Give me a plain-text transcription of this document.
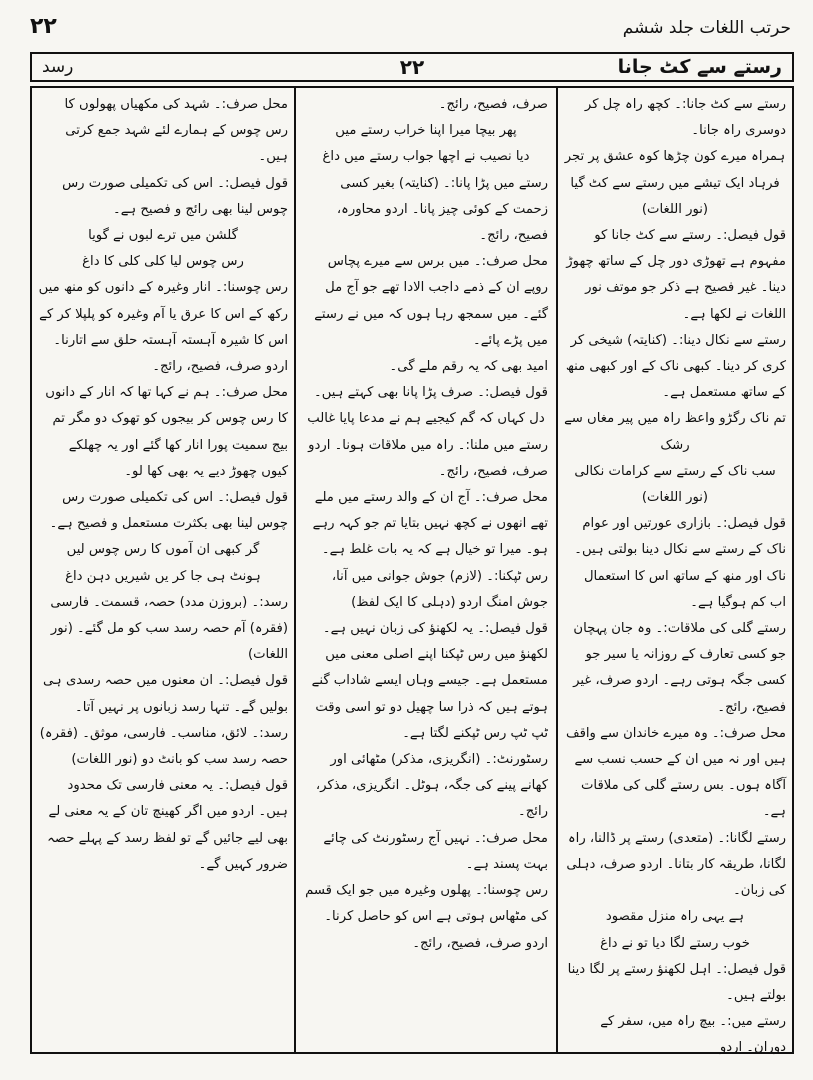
حرتب اللغات جلد ششم
٢٢
رسد	٢٢	رستے سے کٹ جانا

رستے سے کٹ جانا:۔ کچھ راہ چل کر دوسری راہ جانا۔

ہمراہ میرے کون چڑھا کوہ عشق پر تجر

فرہاد ایک تیشے میں رستے سے کٹ گیا (نور اللغات)

قول فیصل:۔ رستے سے کٹ جانا کو مفہوم ہے تھوڑی دور چل کے ساتھ چھوڑ دینا۔ غیر فصیح ہے ذکر جو موتف نور اللغات نے لکھا ہے۔

رستے سے نکال دینا:۔ (کنایتہ) شیخی کر کری کر دینا۔ کبھی ناک کے اور کبھی منھ کے ساتھ مستعمل ہے۔

تم ناک رگڑو واعظ راہ میں پیر مغاں سے رشک

سب ناک کے رستے سے کرامات نکالی (نور اللغات)

قول فیصل:۔ بازاری عورتیں اور عوام ناک کے رستے سے نکال دینا بولتی ہیں۔ ناک اور منھ کے ساتھ اس کا استعمال اب کم ہوگیا ہے۔

رستے گلی کی ملاقات:۔ وہ جان پہچان جو کسی تعارف کے روزانہ یا سیر جو کسی جگہ ہوتی رہے۔ اردو صرف، غیر فصیح، رائج۔

محل صرف:۔ وہ میرے خاندان سے واقف ہیں اور نہ میں ان کے حسب نسب سے آگاہ ہوں۔ بس رستے گلی کی ملاقات ہے۔

رستے لگانا:۔ (متعدی) رستے پر ڈالنا، راہ لگانا، طریقہ کار بتانا۔ اردو صرف، دہلی کی زبان۔

ہے یہی راہ منزل مقصود

خوب رستے لگا دیا تو نے داغ

قول فیصل:۔ اہل لکھنؤ رستے پر لگا دینا بولتے ہیں۔

رستے میں:۔ بیچ راہ میں، سفر کے دوران۔ اردو

صرف، فصیح، رائج۔

پھر بیچا میرا اپنا خراب رستے میں

دیا نصیب نے اچھا جواب رستے میں داغ

رستے میں پڑا پانا:۔ (کنایتہ) بغیر کسی زحمت کے کوئی چیز پانا۔ اردو محاورہ، فصیح، رائج۔

محل صرف:۔ میں برس سے میرے پچاس روپے ان کے ذمے داجب الادا تھے جو آج مل گئے۔ میں سمجھ رہا ہوں کہ میں نے رستے میں پڑے پائے۔

امید بھی کہ یہ رقم ملے گی۔

قول فیصل:۔ صرف پڑا پانا بھی کہتے ہیں۔

دل کہاں کہ گم کیجیے ہم نے مدعا پایا غالب

رستے میں ملنا:۔ راہ میں ملاقات ہونا۔ اردو صرف، فصیح، رائج۔

محل صرف:۔ آج ان کے والد رستے میں ملے تھے انھوں نے کچھ نہیں بتایا تم جو کہہ رہے ہو۔ میرا تو خیال ہے کہ یہ بات غلط ہے۔

رس ٹپکنا:۔ (لازم) جوش جوانی میں آنا، جوش امنگ اردو (دہلی کا ایک لفظ)

قول فیصل:۔ یہ لکھنؤ کی زبان نہیں ہے۔ لکھنؤ میں رس ٹپکنا اپنے اصلی معنی میں مستعمل ہے۔ جیسے وہاں ایسے شاداب گنے ہوتے ہیں کہ ذرا سا چھیل دو تو اسی وقت ٹپ ٹپ رس ٹپکنے لگتا ہے۔

رسٹورنٹ:۔ (انگریزی، مذکر) مٹھائی اور کھانے پینے کی جگہ، ہوٹل۔ انگریزی، مذکر، رائج۔

محل صرف:۔ نہیں آج رسٹورنٹ کی چائے بہت پسند ہے۔

رس چوسنا:۔ پھلوں وغیرہ میں جو ایک قسم کی مٹھاس ہوتی ہے اس کو حاصل کرنا۔ اردو صرف، فصیح، رائج۔

محل صرف:۔ شہد کی مکھیاں پھولوں کا رس چوس کے ہمارے لئے شہد جمع کرتی ہیں۔

قول فیصل:۔ اس کی تکمیلی صورت رس چوس لینا بھی رائج و فصیح ہے۔

گلشن میں ترے لبوں نے گویا

رس چوس لیا کلی کلی کا داغ

رس چوسنا:۔ انار وغیرہ کے دانوں کو منھ میں رکھ کے اس کا عرق یا آم وغیرہ کو پلپلا کر کے اس کا شیرہ آہستہ آہستہ حلق سے اتارنا۔ اردو صرف، فصیح، رائج۔

محل صرف:۔ ہم نے کہا تھا کہ انار کے دانوں کا رس چوس کر بیجوں کو تھوک دو مگر تم بیج سمیت پورا انار کھا گئے اور یہ چھلکے کیوں چھوڑ دیے یہ بھی کھا لو۔

قول فیصل:۔ اس کی تکمیلی صورت رس چوس لینا بھی بکثرت مستعمل و فصیح ہے۔

گر کبھی ان آموں کا رس چوس لیں

ہونٹ ہی جا کر یں شیریں دہن داغ

رسد:۔ (بروزن مدد) حصہ، قسمت۔ فارسی (فقرہ) آم حصہ رسد سب کو مل گئے۔ (نور اللغات)

قول فیصل:۔ ان معنوں میں حصہ رسدی ہی بولیں گے۔ تنہا رسد زبانوں پر نہیں آتا۔

رسد:۔ لائق، مناسب۔ فارسی، موثق۔ (فقرہ) حصہ رسد سب کو بانٹ دو (نور اللغات)

قول فیصل:۔ یہ معنی فارسی تک محدود ہیں۔ اردو میں اگر کھینچ تان کے یہ معنی لے بھی لیے جائیں گے تو لفظ رسد کے پہلے حصہ ضرور کہیں گے۔
